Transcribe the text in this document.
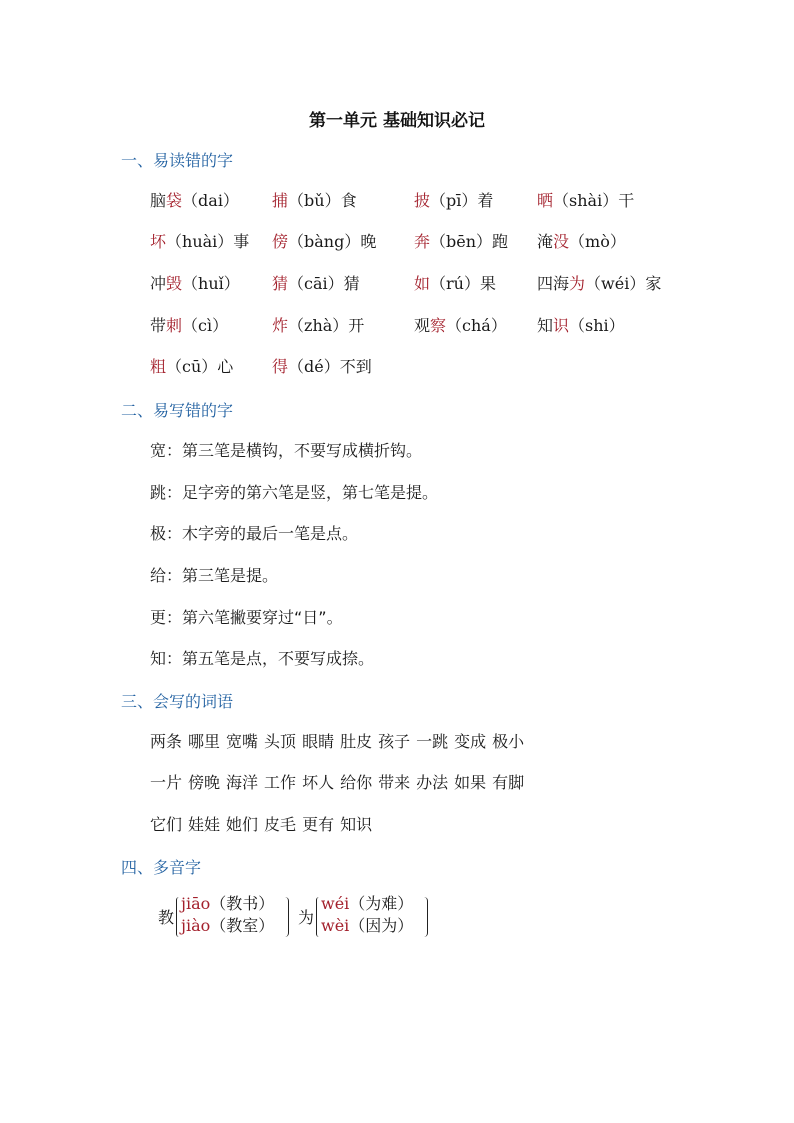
第一单元 基础知识必记
一、易读错的字
脑袋（dai） 捕（bǔ）食	披（pī）着	晒（shài）干
坏（huài）事 傍（bàng）晚 奔（bēn）跑 淹没（mò）
冲毁（huǐ） 猜（cāi）猜	如（rú）果	四海为（wéi）家
带刺（cì）	炸（zhà）开	观察（chá） 知识（shi）
粗（cū）心 得（dé）不到
二、易写错的字
宽：第三笔是横钩，不要写成横折钩。
跳：足字旁的第六笔是竖，第七笔是提。
极：木字旁的最后一笔是点。
给：第三笔是提。
更：第六笔撇要穿过“日”。
知：第五笔是点，不要写成捺。
三、会写的词语
两条 哪里 宽嘴 头顶 眼睛 肚皮 孩子 一跳 变成 极小
一片 傍晚 海洋 工作 坏人 给你 带来 办法 如果 有脚
它们 娃娃 她们 皮毛 更有 知识
四、多音字
教
jiāo（教书）
jiào（教室） 为
wéi（为难）
wèi（因为）
